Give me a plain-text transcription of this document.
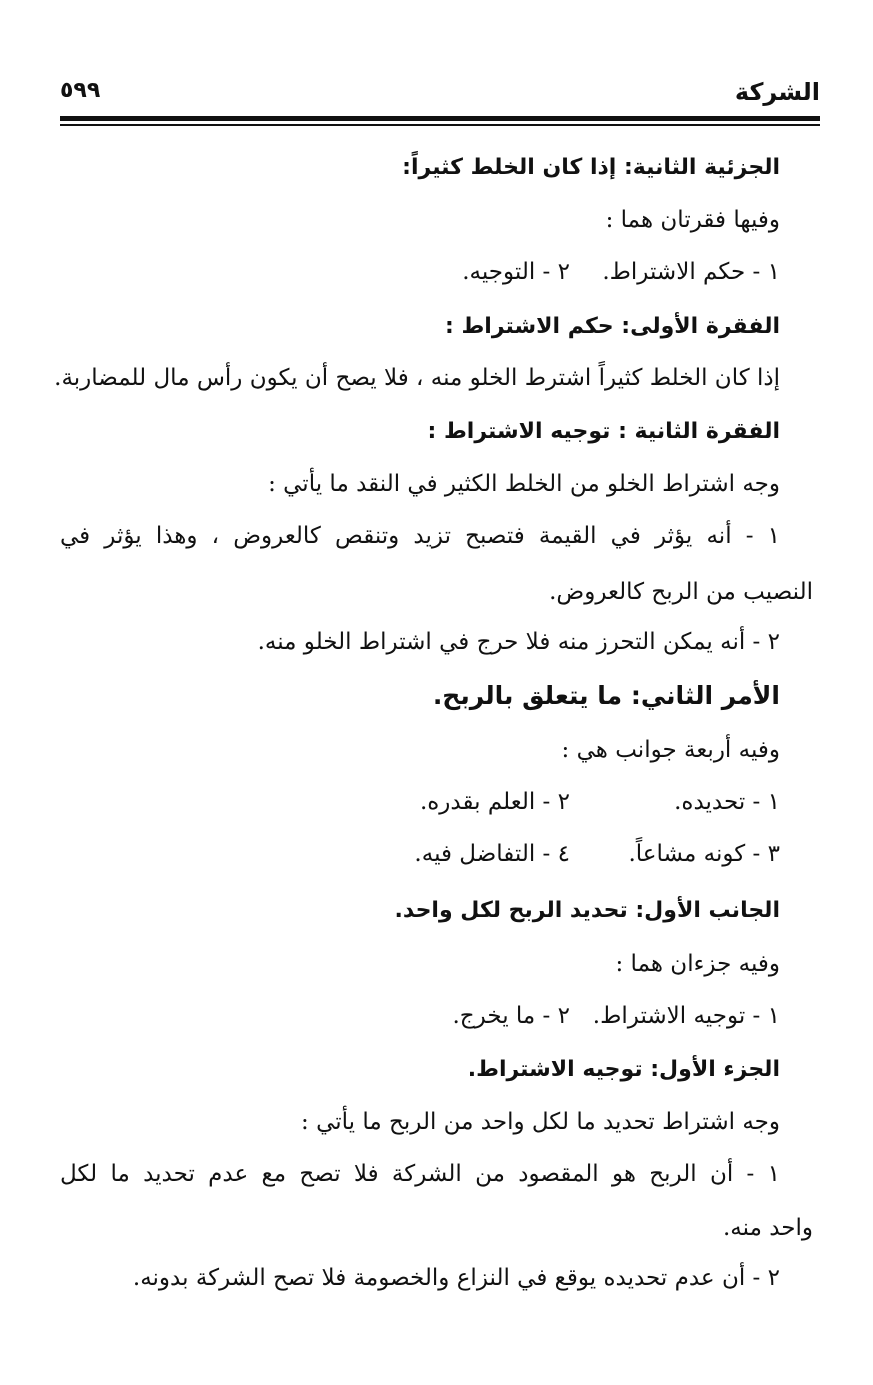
الشركة
٥٩٩
الجزئية الثانية: إذا كان الخلط كثيراً:
وفيها فقرتان هما :
١ - حكم الاشتراط.
٢ - التوجيه.
الفقرة الأولى: حكم الاشتراط :
إذا كان الخلط كثيراً اشترط الخلو منه ، فلا يصح أن يكون رأس مال للمضاربة.
الفقرة الثانية : توجيه الاشتراط :
وجه اشتراط الخلو من الخلط الكثير في النقد ما يأتي :
١ - أنه يؤثر في القيمة فتصبح تزيد وتنقص كالعروض ، وهذا يؤثر في
النصيب من الربح كالعروض.
٢ - أنه يمكن التحرز منه فلا حرج في اشتراط الخلو منه.
الأمر الثاني: ما يتعلق بالربح.
وفيه أربعة جوانب هي :
١ - تحديده.
٢ - العلم بقدره.
٣ - كونه مشاعاً.
٤ - التفاضل فيه.
الجانب الأول: تحديد الربح لكل واحد.
وفيه جزءان هما :
١ - توجيه الاشتراط.
٢ - ما يخرج.
الجزء الأول: توجيه الاشتراط.
وجه اشتراط تحديد ما لكل واحد من الربح ما يأتي :
١ - أن الربح هو المقصود من الشركة فلا تصح مع عدم تحديد ما لكل
واحد منه.
٢ - أن عدم تحديده يوقع في النزاع والخصومة فلا تصح الشركة بدونه.
